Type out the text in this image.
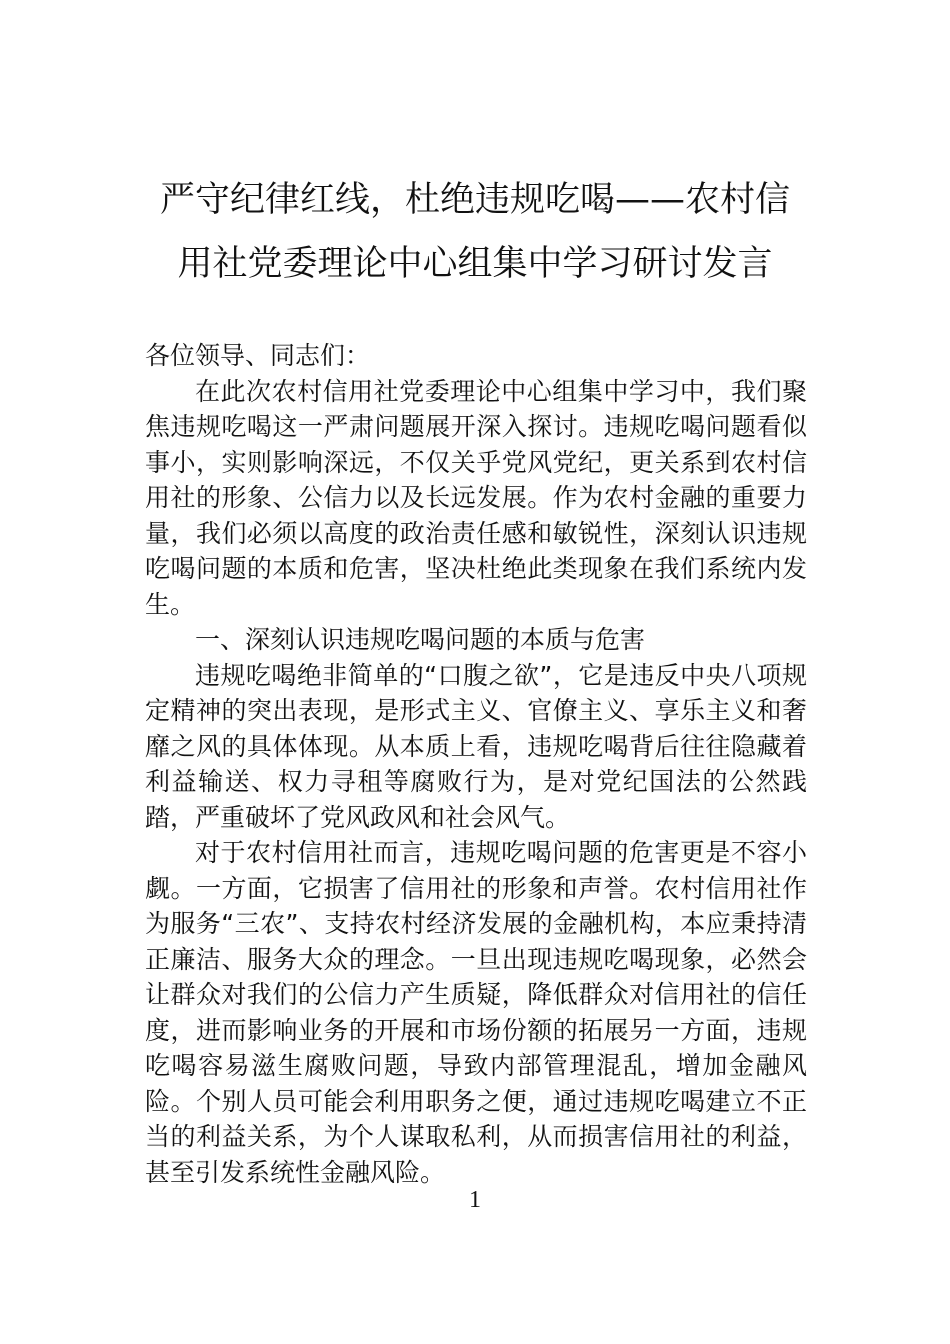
严守纪律红线，杜绝违规吃喝——农村信
用社党委理论中心组集中学习研讨发言

各位领导、同志们：

在此次农村信用社党委理论中心组集中学习中，我们聚焦违规吃喝这一严肃问题展开深入探讨。违规吃喝问题看似事小，实则影响深远，不仅关乎党风党纪，更关系到农村信用社的形象、公信力以及长远发展。作为农村金融的重要力量，我们必须以高度的政治责任感和敏锐性，深刻认识违规吃喝问题的本质和危害，坚决杜绝此类现象在我们系统内发生。

一、深刻认识违规吃喝问题的本质与危害

违规吃喝绝非简单的“口腹之欲”，它是违反中央八项规定精神的突出表现，是形式主义、官僚主义、享乐主义和奢靡之风的具体体现。从本质上看，违规吃喝背后往往隐藏着利益输送、权力寻租等腐败行为，是对党纪国法的公然践踏，严重破坏了党风政风和社会风气。

对于农村信用社而言，违规吃喝问题的危害更是不容小觑。一方面，它损害了信用社的形象和声誉。农村信用社作为服务“三农”、支持农村经济发展的金融机构，本应秉持清正廉洁、服务大众的理念。一旦出现违规吃喝现象，必然会让群众对我们的公信力产生质疑，降低群众对信用社的信任度，进而影响业务的开展和市场份额的拓展另一方面，违规吃喝容易滋生腐败问题，导致内部管理混乱，增加金融风险。个别人员可能会利用职务之便，通过违规吃喝建立不正当的利益关系，为个人谋取私利，从而损害信用社的利益，甚至引发系统性金融风险。

1
